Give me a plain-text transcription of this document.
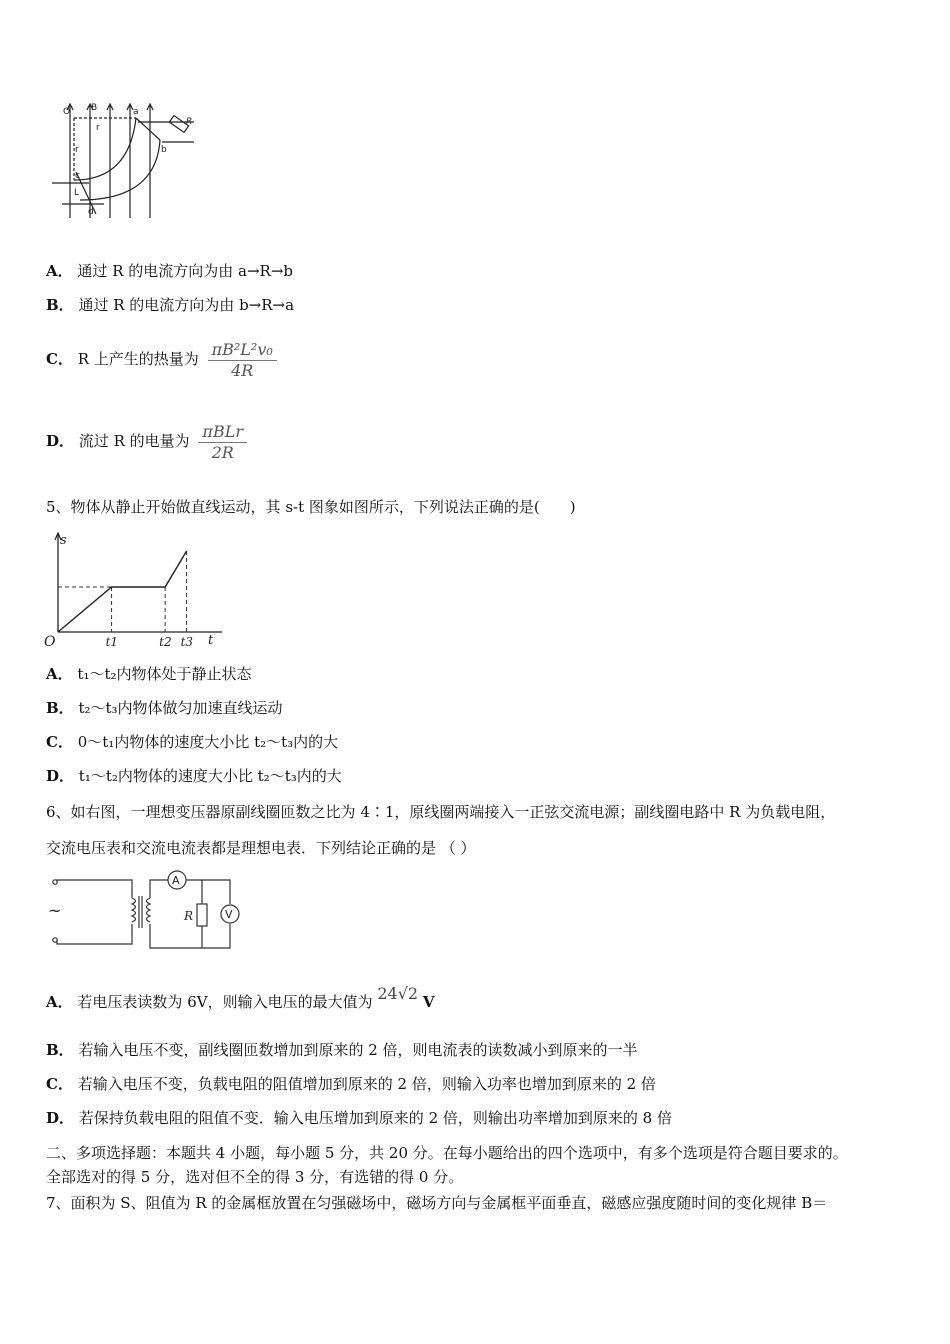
O B
r
a
r
c
L
d
b
R
A． 通过 R 的电流方向为由 a→R→b
B． 通过 R 的电流方向为由 b→R→a
C． R 上产生的热量为 $\frac{\text{πB²L²v₀}}{4R}$
D． 流过 R 的电量为 $\frac{\text{πBLr}}{2R}$
5、物体从静止开始做直线运动，其 s-t 图象如图所示，下列说法正确的是(　　)
O
s
t
t1	t2 t3
A． t₁～t₂内物体处于静止状态
B． t₂～t₃内物体做匀加速直线运动
C． 0～t₁内物体的速度大小比 t₂～t₃内的大
D． t₁～t₂内物体的速度大小比 t₂～t₃内的大
6、如右图，一理想变压器原副线圈匝数之比为 4∶1，原线圈两端接入一正弦交流电源；副线圈电路中 R 为负载电阻，
交流电压表和交流电流表都是理想电表．下列结论正确的是 （ ）
~
A
V
R
A． 若电压表读数为 6V，则输入电压的最大值为 24√2 V
B． 若输入电压不变，副线圈匝数增加到原来的 2 倍，则电流表的读数减小到原来的一半
C． 若输入电压不变，负载电阻的阻值增加到原来的 2 倍，则输入功率也增加到原来的 2 倍
D． 若保持负载电阻的阻值不变．输入电压增加到原来的 2 倍，则输出功率增加到原来的 8 倍
二、多项选择题：本题共 4 小题，每小题 5 分，共 20 分。在每小题给出的四个选项中，有多个选项是符合题目要求的。
全部选对的得 5 分，选对但不全的得 3 分，有选错的得 0 分。
7、面积为 S、阻值为 R 的金属框放置在匀强磁场中，磁场方向与金属框平面垂直，磁感应强度随时间的变化规律 B＝
